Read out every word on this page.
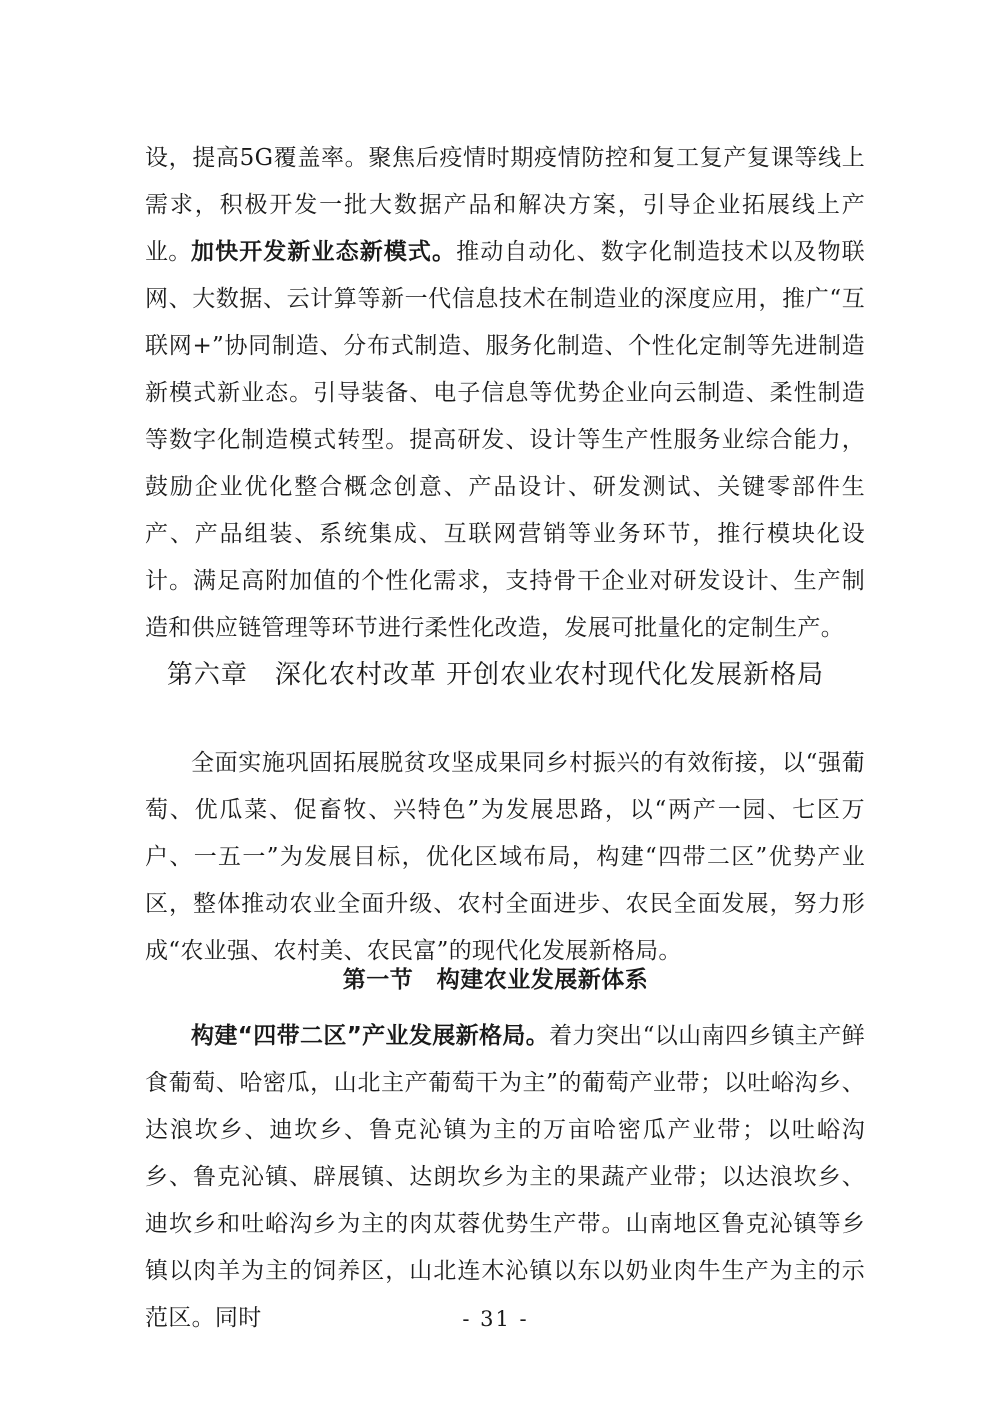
设，提高5G覆盖率。聚焦后疫情时期疫情防控和复工复产复课等线上需求，积极开发一批大数据产品和解决方案，引导企业拓展线上产业。 加快开发新业态新模式。推动自动化、数字化制造技术以及物联网、大数据、云计算等新一代信息技术在制造业的深度应用，推广“互联网+”协同制造、分布式制造、服务化制造、个性化定制等先进制造新模式新业态。引导装备、电子信息等优势企业向云制造、柔性制造等数字化制造模式转型。提高研发、设计等生产性服务业综合能力，鼓励企业优化整合概念创意、产品设计、研发测试、关键零部件生产、产品组装、系统集成、互联网营销等业务环节，推行模块化设计。满足高附加值的个性化需求，支持骨干企业对研发设计、生产制造和供应链管理等环节进行柔性化改造，发展可批量化的定制生产。

第六章　深化农村改革 开创农业农村现代化发展新格局

全面实施巩固拓展脱贫攻坚成果同乡村振兴的有效衔接，以“强葡萄、优瓜菜、促畜牧、兴特色”为发展思路，以“两产一园、七区万户、一五一”为发展目标，优化区域布局，构建“四带二区”优势产业区，整体推动农业全面升级、农村全面进步、农民全面发展，努力形成“农业强、农村美、农民富”的现代化发展新格局。

第一节　构建农业发展新体系

构建“四带二区”产业发展新格局。着力突出“以山南四乡镇主产鲜食葡萄、哈密瓜，山北主产葡萄干为主”的葡萄产业带；以吐峪沟乡、达浪坎乡、迪坎乡、鲁克沁镇为主的万亩哈密瓜产业带；以吐峪沟乡、鲁克沁镇、辟展镇、达朗坎乡为主的果蔬产业带；以达浪坎乡、迪坎乡和吐峪沟乡为主的肉苁蓉优势生产带。山南地区鲁克沁镇等乡镇以肉羊为主的饲养区，山北连木沁镇以东以奶业肉牛生产为主的示范区。同时	- 31 -
